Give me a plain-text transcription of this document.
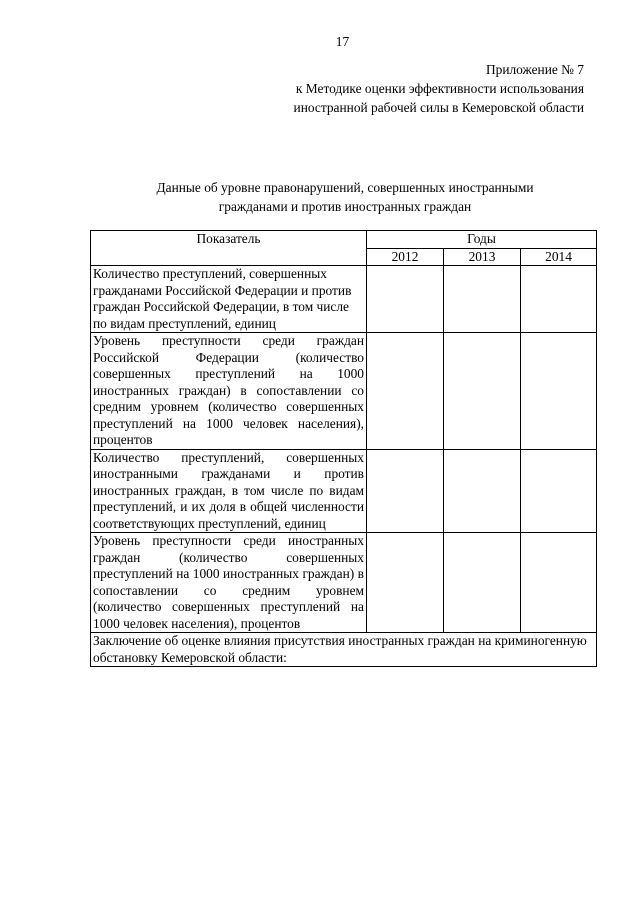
17
Приложение № 7
к Методике оценки эффективности использования
иностранной рабочей силы в Кемеровской области
Данные об уровне правонарушений, совершенных иностранными
гражданами и против иностранных граждан
Показатель	Годы		
	2012	2013	2014
Количество преступлений, совершенных гражданами Российской Федерации и против граждан Российской Федерации, в том числе по видам преступлений, единиц			
Уровень преступности среди граждан Российской Федерации (количество совершенных преступлений на 1000 иностранных граждан) в сопоставлении со средним уровнем (количество совершенных преступлений на 1000 человек населения), процентов			
Количество преступлений, совершенных иностранными гражданами и против иностранных граждан, в том числе по видам преступлений, и их доля в общей численности соответствующих преступлений, единиц			
Уровень преступности среди иностранных граждан (количество совершенных преступлений на 1000 иностранных граждан) в сопоставлении со средним уровнем (количество совершенных преступлений на 1000 человек населения), процентов			
Заключение об оценке влияния присутствия иностранных граждан на криминогенную обстановку Кемеровской области:			
